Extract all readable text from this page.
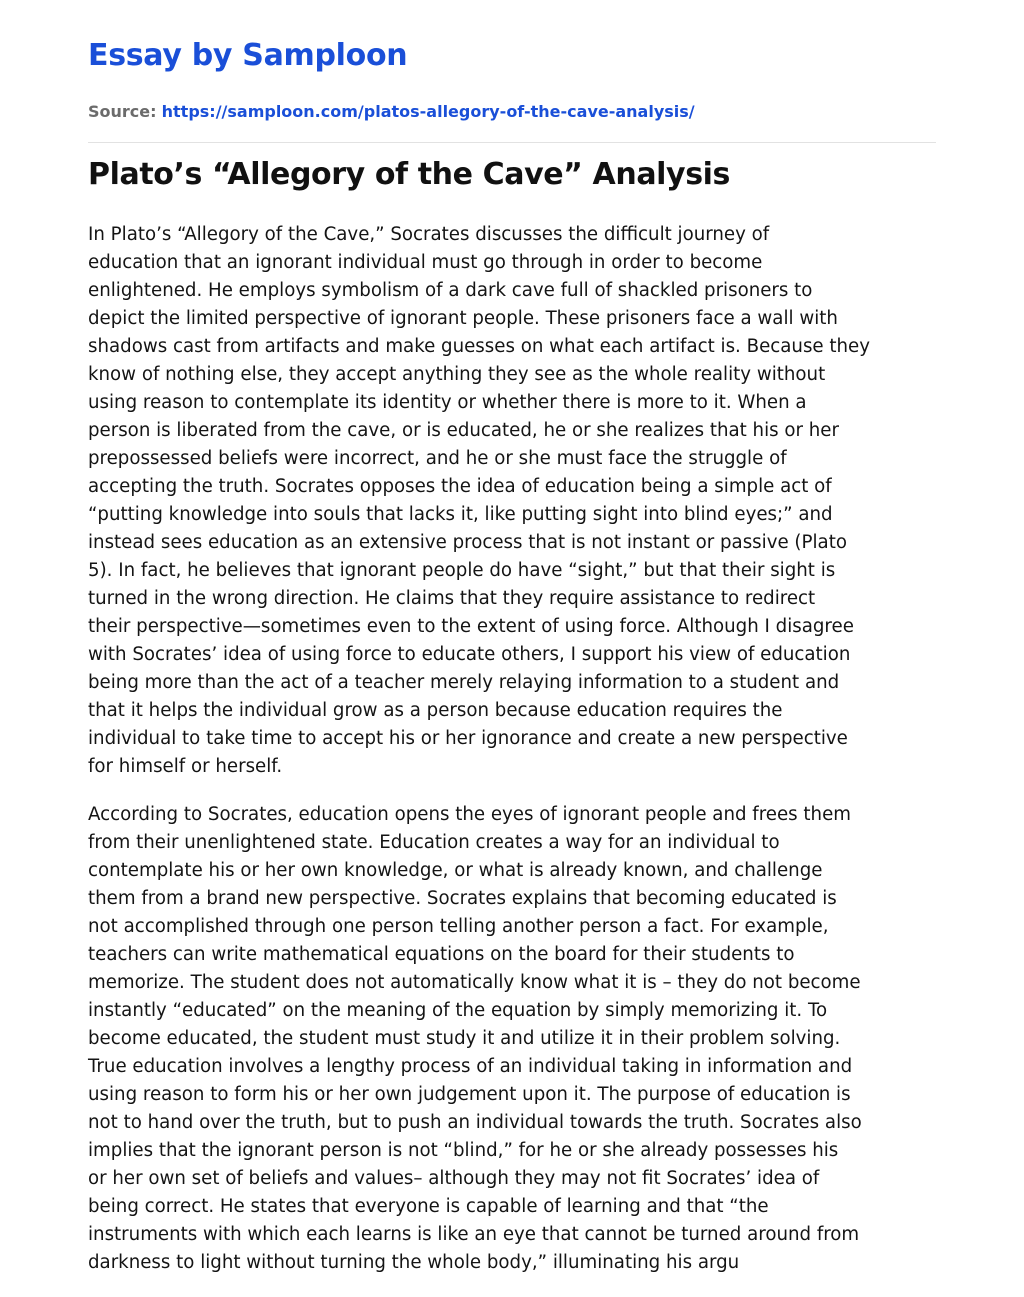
Essay by Samploon
Source: https://samploon.com/platos-allegory-of-the-cave-analysis/
Plato’s “Allegory of the Cave” Analysis

In Plato’s “Allegory of the Cave,” Socrates discusses the difficult journey of
education that an ignorant individual must go through in order to become
enlightened. He employs symbolism of a dark cave full of shackled prisoners to
depict the limited perspective of ignorant people. These prisoners face a wall with
shadows cast from artifacts and make guesses on what each artifact is. Because they
know of nothing else, they accept anything they see as the whole reality without
using reason to contemplate its identity or whether there is more to it. When a
person is liberated from the cave, or is educated, he or she realizes that his or her
prepossessed beliefs were incorrect, and he or she must face the struggle of
accepting the truth. Socrates opposes the idea of education being a simple act of
“putting knowledge into souls that lacks it, like putting sight into blind eyes;” and
instead sees education as an extensive process that is not instant or passive (Plato
5). In fact, he believes that ignorant people do have “sight,” but that their sight is
turned in the wrong direction. He claims that they require assistance to redirect
their perspective—sometimes even to the extent of using force. Although I disagree
with Socrates’ idea of using force to educate others, I support his view of education
being more than the act of a teacher merely relaying information to a student and
that it helps the individual grow as a person because education requires the
individual to take time to accept his or her ignorance and create a new perspective
for himself or herself.

According to Socrates, education opens the eyes of ignorant people and frees them
from their unenlightened state. Education creates a way for an individual to
contemplate his or her own knowledge, or what is already known, and challenge
them from a brand new perspective. Socrates explains that becoming educated is
not accomplished through one person telling another person a fact. For example,
teachers can write mathematical equations on the board for their students to
memorize. The student does not automatically know what it is – they do not become
instantly “educated” on the meaning of the equation by simply memorizing it. To
become educated, the student must study it and utilize it in their problem solving.
True education involves a lengthy process of an individual taking in information and
using reason to form his or her own judgement upon it. The purpose of education is
not to hand over the truth, but to push an individual towards the truth. Socrates also
implies that the ignorant person is not “blind,” for he or she already possesses his
or her own set of beliefs and values– although they may not fit Socrates’ idea of
being correct. He states that everyone is capable of learning and that “the
instruments with which each learns is like an eye that cannot be turned around from
darkness to light without turning the whole body,” illuminating his argu
